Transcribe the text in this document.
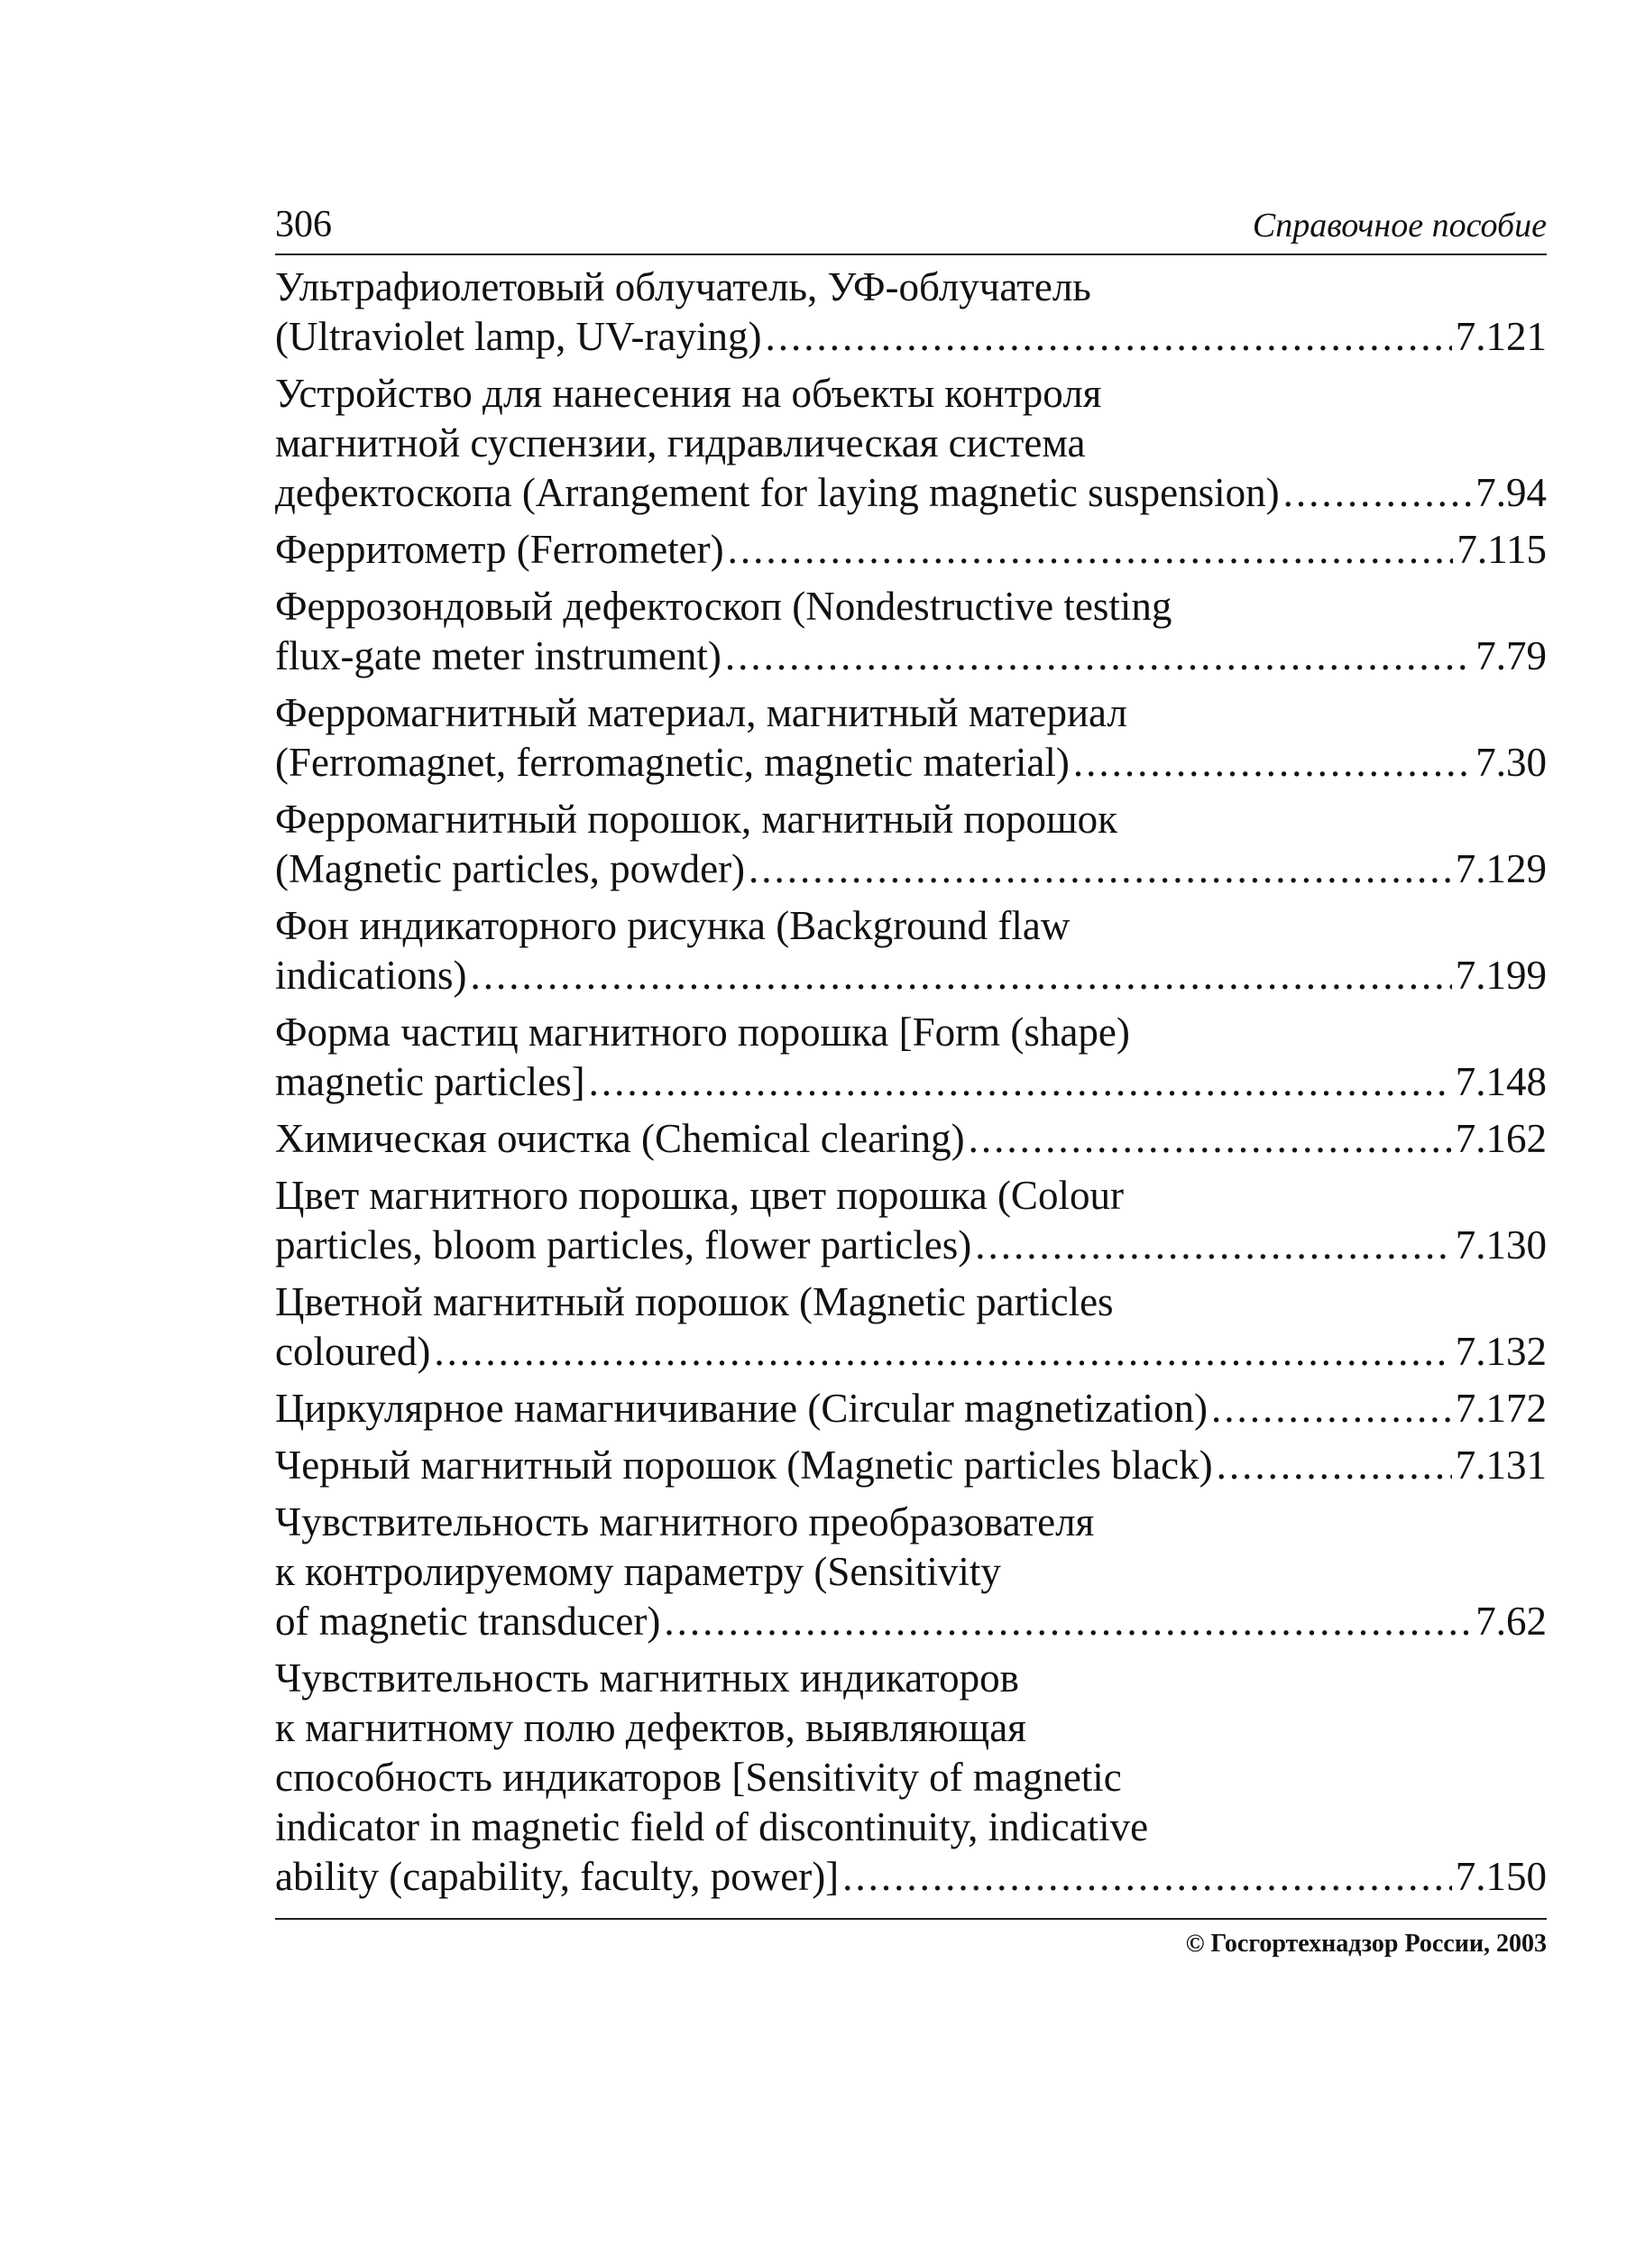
306	Справочное пособие
Ультрафиолетовый облучатель, УФ-облучатель
(Ultraviolet lamp, UV-raying) .....	7.121
Устройство для нанесения на объекты контроля
магнитной суспензии, гидравлическая система
дефектоскопа (Arrangement for laying magnetic suspension) .....	7.94
Ферритометр (Ferrometer) .....	7.115
Феррозондовый дефектоскоп (Nondestructive testing
flux-gate meter instrument) .....	7.79
Ферромагнитный материал, магнитный материал
(Ferromagnet, ferromagnetic, magnetic material) .....	7.30
Ферромагнитный порошок, магнитный порошок
(Magnetic particles, powder) .....	7.129
Фон индикаторного рисунка (Background flaw
indications) .....	7.199
Форма частиц магнитного порошка [Form (shape)
magnetic particles] .....	7.148
Химическая очистка (Chemical clearing) .....	7.162
Цвет магнитного порошка, цвет порошка (Colour
particles, bloom particles, flower particles) .....	7.130
Цветной магнитный порошок (Magnetic particles
coloured) .....	7.132
Циркулярное намагничивание (Circular magnetization) .....	7.172
Черный магнитный порошок (Magnetic particles black) .....	7.131
Чувствительность магнитного преобразователя
к контролируемому параметру (Sensitivity
of magnetic transducer) .....	7.62
Чувствительность магнитных индикаторов
к магнитному полю дефектов, выявляющая
способность индикаторов [Sensitivity of magnetic
indicator in magnetic field of discontinuity, indicative
ability (capability, faculty, power)] .....	7.150
© Госгортехнадзор России, 2003
